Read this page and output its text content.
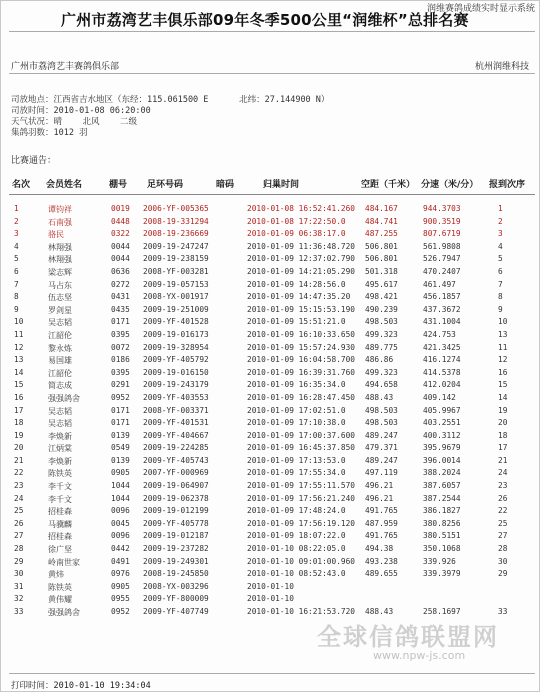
润维赛鸽成绩实时显示系统
广州市荔湾艺丰俱乐部09年冬季500公里“润维杯”总排名赛
广州市荔湾艺丰赛鸽俱乐部	杭州润维科技
司放地点：江西省吉水地区（东经：115.061500 E      北纬：27.144900 N）
司放时间：2010-01-08 06:20:00
天气状况：晴    北风    二级
集鸽羽数：1012 羽
比赛通告：
名次 会员姓名	棚号 足环号码	暗码	归巢时间	空距（千米） 分速（米/分） 报到次序
1	谭钧祥	0019 2006-YF-005365	2010-01-08 16:52:41.260 484.167	944.3703	1
2	石南强	0448 2008-19-331294	2010-01-08 17:22:50.0 484.741	900.3519	2
3	骆民	0322 2008-19-236669	2010-01-09 06:38:17.0 487.255	807.6719	3
4	林翔强	0044 2009-19-247247	2010-01-09 11:36:48.720 506.801	561.9808	4
5	林翔强	0044 2009-19-238159	2010-01-09 12:37:02.790 506.801	526.7947	5
6	梁志辉	0636 2008-YF-003281	2010-01-09 14:21:05.290 501.318	470.2407	6
7	马占东	0272 2009-19-057153	2010-01-09 14:28:56.0 495.617	461.497	7
8	伍志坚	0431 2008-YX-001917	2010-01-09 14:47:35.20 498.421	456.1857	8
9	罗剑星	0435 2009-19-251009	2010-01-09 15:15:53.190 490.239	437.3672	9
10	吴志韬	0171 2009-YF-401528	2010-01-09 15:51:21.0 498.503	431.1004	10
11	江韶伦	0395 2009-19-016173	2010-01-09 16:10:33.650 499.323	424.753	13
12	黎永炼	0072 2009-19-328954	2010-01-09 15:57:24.930 489.775	421.3425	11
13	易国雄	0186 2009-YF-405792	2010-01-09 16:04:58.700 486.86	416.1274	12
14	江韶伦	0395 2009-19-016150	2010-01-09 16:39:31.760 499.323	414.5378	16
15	简志成	0291 2009-19-243179	2010-01-09 16:35:34.0 494.658	412.0204	15
16	强强鸽舍	0952 2009-YF-403553	2010-01-09 16:28:47.450 488.43	409.142	14
17	吴志韬	0171 2008-YF-003371	2010-01-09 17:02:51.0 498.503	405.9967	19
18	吴志韬	0171 2009-YF-401531	2010-01-09 17:10:38.0 498.503	403.2551	20
19	李焕新	0139 2009-YF-404667	2010-01-09 17:00:37.600 489.247	400.3112	18
20	江炳棠	0549 2009-19-224285	2010-01-09 16:45:37.850 479.371	395.9679	17
21	李焕新	0139 2009-YF-405743	2010-01-09 17:13:53.0 489.247	396.0014	21
22	陈铁英	0905 2007-YF-000969	2010-01-09 17:55:34.0 497.119	388.2024	24
23	李千文	1044 2009-19-064907	2010-01-09 17:55:11.570 496.21	387.6057	23
24	李千文	1044 2009-19-062378	2010-01-09 17:56:21.240 496.21	387.2544	26
25	招桂森	0096 2009-19-012199	2010-01-09 17:48:24.0 491.765	386.1827	22
26	马骥麟	0045 2009-YF-405778	2010-01-09 17:56:19.120 487.959	380.8256	25
27	招桂森	0096 2009-19-012187	2010-01-09 18:07:22.0 491.765	380.5151	27
28	徐广坚	0442 2009-19-237282	2010-01-10 08:22:05.0 494.38	350.1068	28
29	岭南世家	0491 2009-19-249301	2010-01-10 09:01:00.960 493.238	339.926	30
30	黄炜	0976 2008-19-245850	2010-01-10 08:52:43.0 489.655	339.3979	29
31	陈铁英	0905 2008-YX-003296	2010-01-10
32	黄伟耀	0955 2009-YF-800009	2010-01-10
33	强强鸽舍	0952 2009-YF-407749	2010-01-10 16:21:53.720 488.43	258.1697	33
全球信鸽联盟网
www.npw-js.com
打印时间：2010-01-10 19:34:04
